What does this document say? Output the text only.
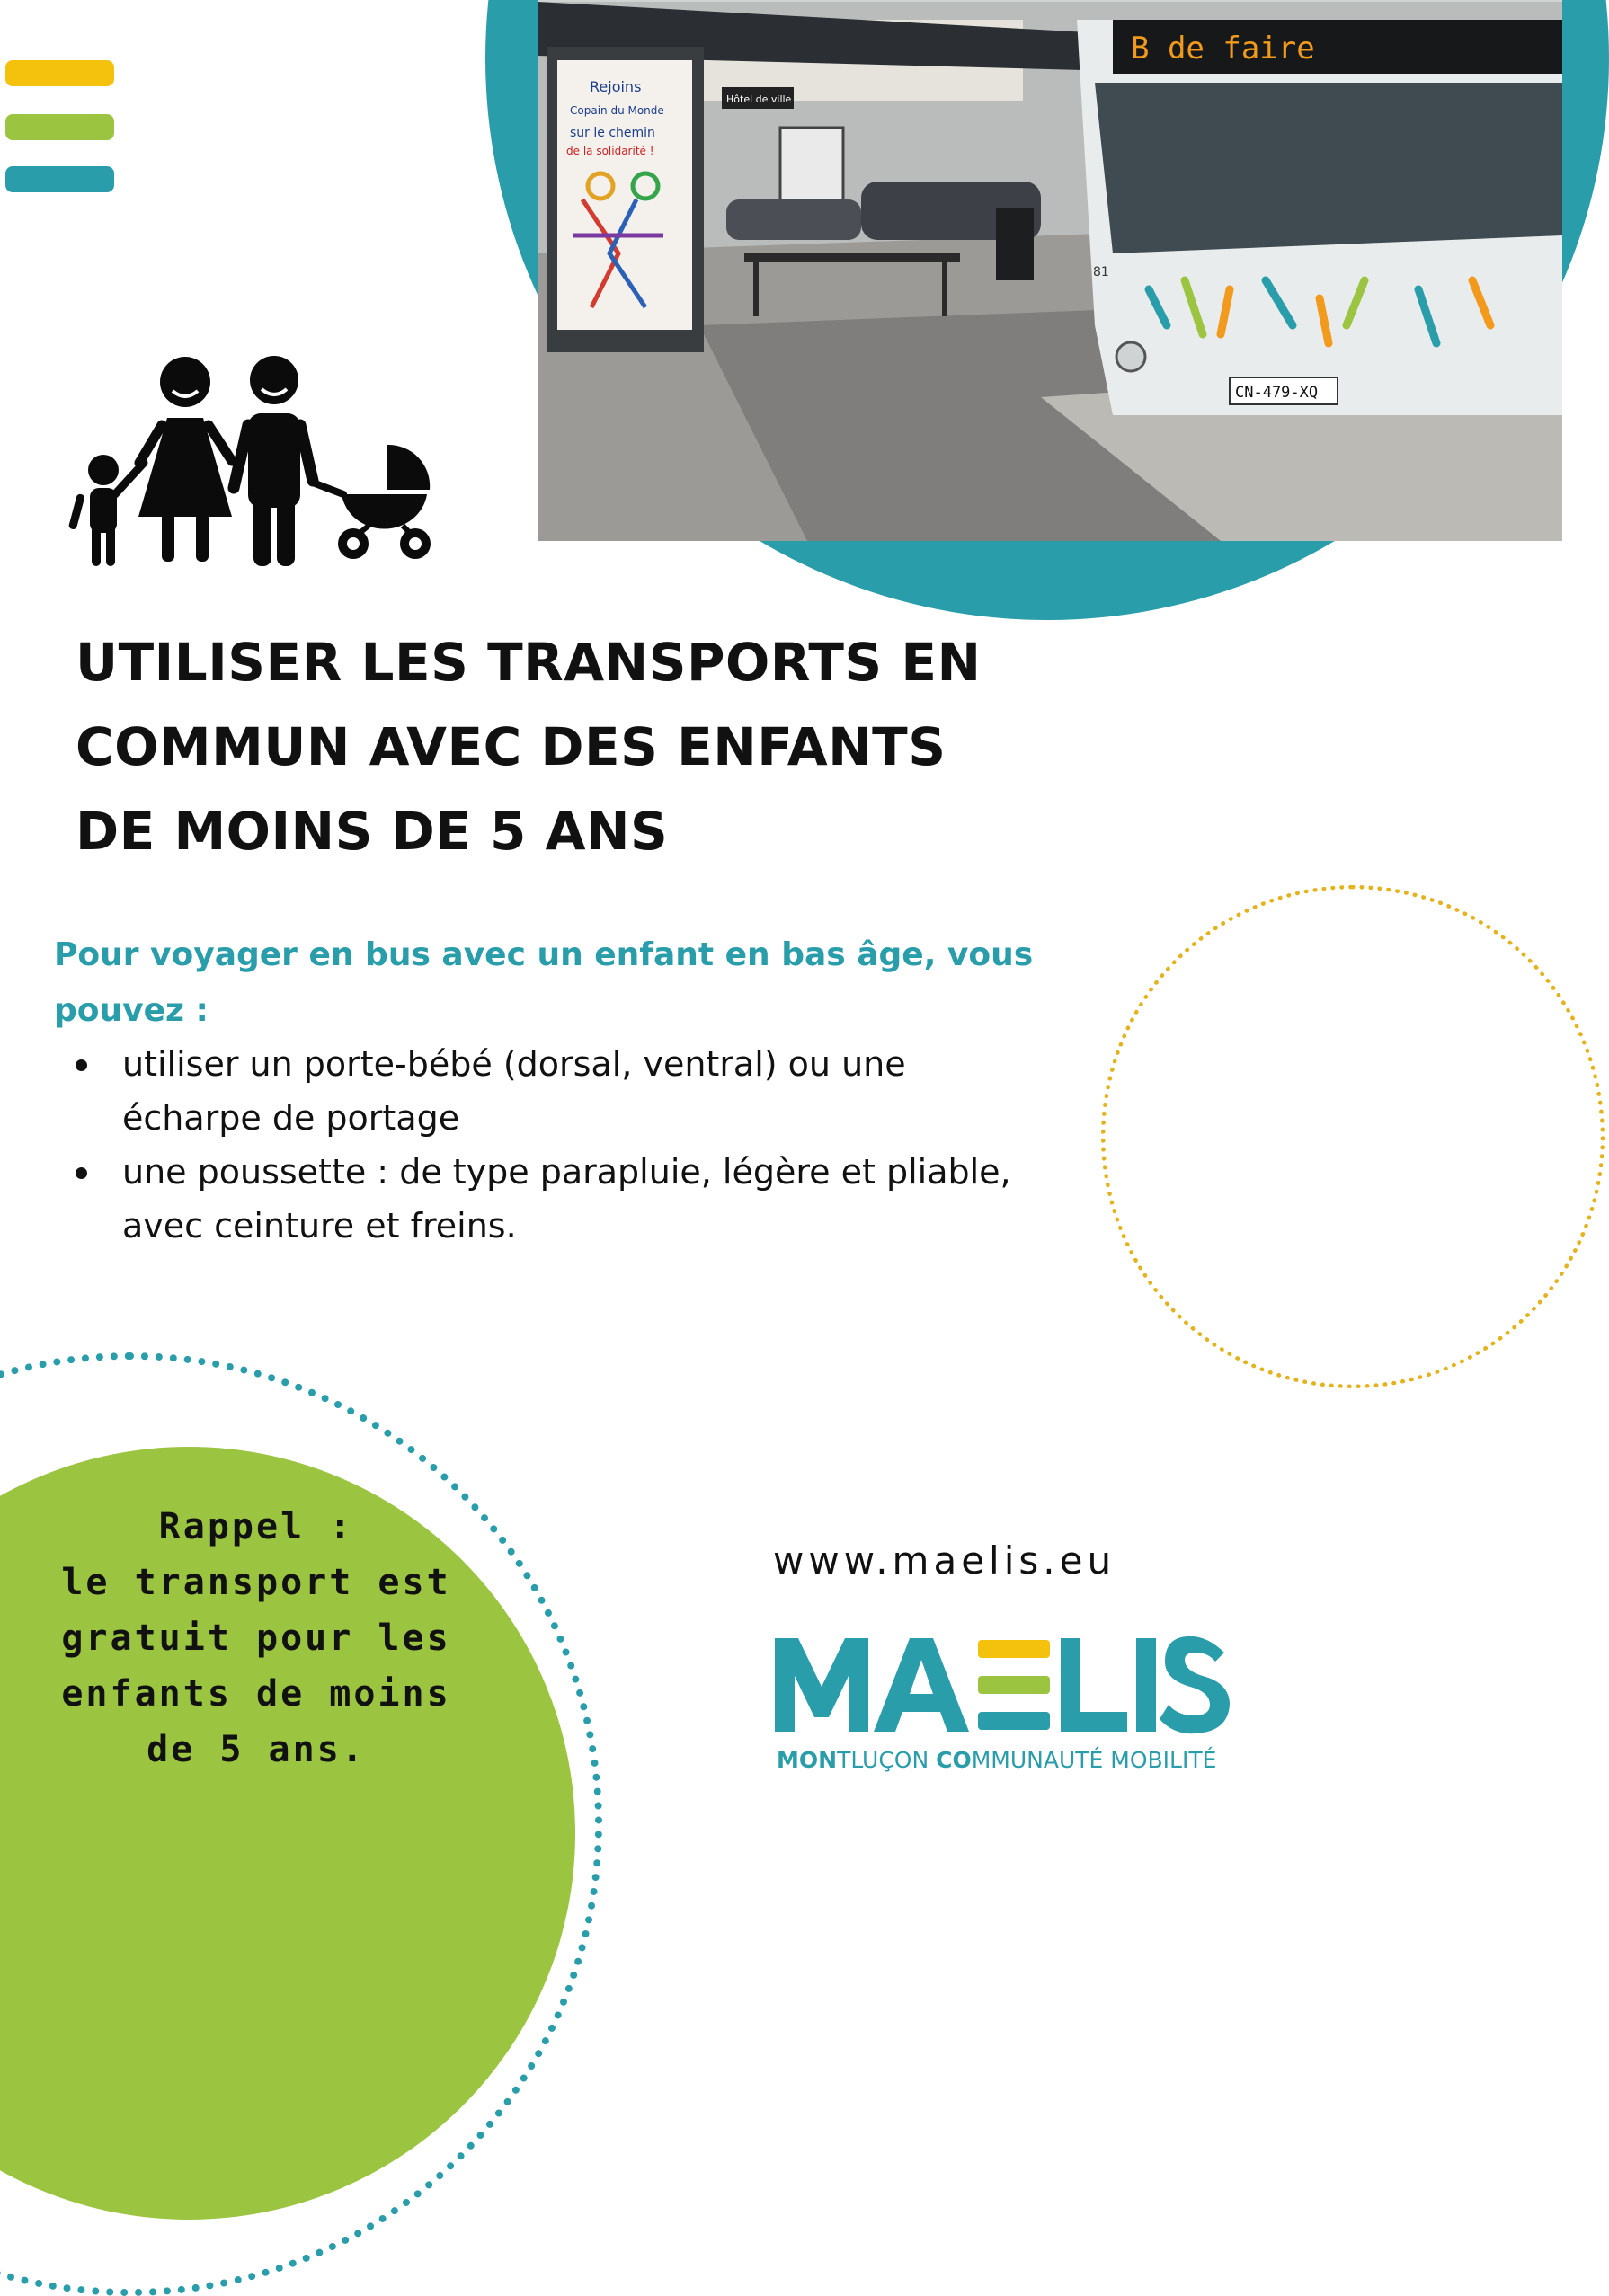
Rejoins
Copain du Monde
sur le chemin
de la solidarité !
Hôtel de ville
B de faire
81
CN-479-XQ
UTILISER LES TRANSPORTS EN
COMMUN AVEC DES ENFANTS
DE MOINS DE 5 ANS
Pour voyager en bus avec un enfant en bas âge, vous pouvez :
utiliser un porte-bébé (dorsal, ventral) ou une écharpe de portage
une poussette : de type parapluie, légère et pliable, avec ceinture et freins.
Rappel :
le transport est
gratuit pour les
enfants de moins
de 5 ans.
www.maelis.eu
MONTLUÇON COMMUNAUTÉ MOBILITÉ
